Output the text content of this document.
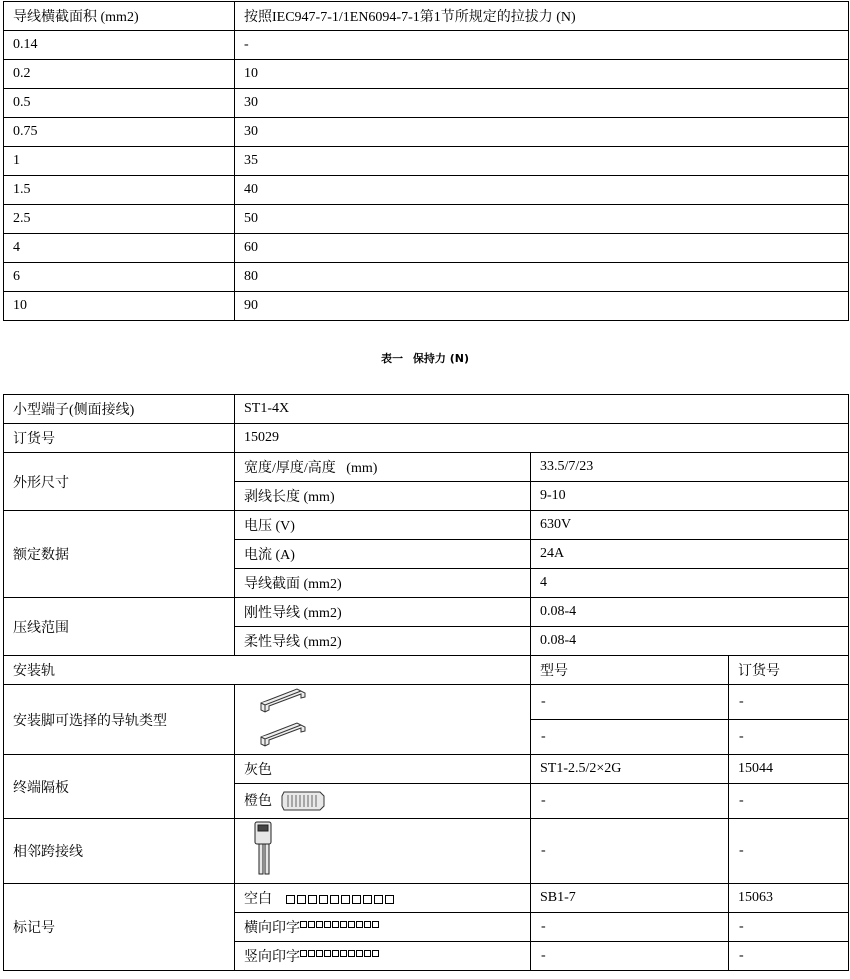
导线横截面积 (mm2)	按照IEC947-7-1/1EN6094-7-1第1节所规定的拉拔力 (N)
0.14	-
0.2	10
0.5	30
0.75	30
1	35
1.5	40
2.5	50
4	60
6	80
10	90
表一 保持力 (N)
小型端子(侧面接线)	ST1-4X		
订货号	15029		
外形尺寸	宽度/厚度/高度   (mm)	33.5/7/23	
	剥线长度 (mm)	9-10	
额定数据	电压 (V)	630V	
	电流 (A)	24A	
	导线截面 (mm2)	4	
压线范围	刚性导线 (mm2)	0.08-4	
	柔性导线 (mm2)	0.08-4	
安装轨		型号	订货号
安装脚可选择的导轨类型		-	-
		-	-
终端隔板	灰色	ST1-2.5/2×2G	15044
	橙色	-	-
相邻跨接线		-	-
标记号	空白	SB1-7	15063
	横向印字	-	-
	竖向印字	-	-
